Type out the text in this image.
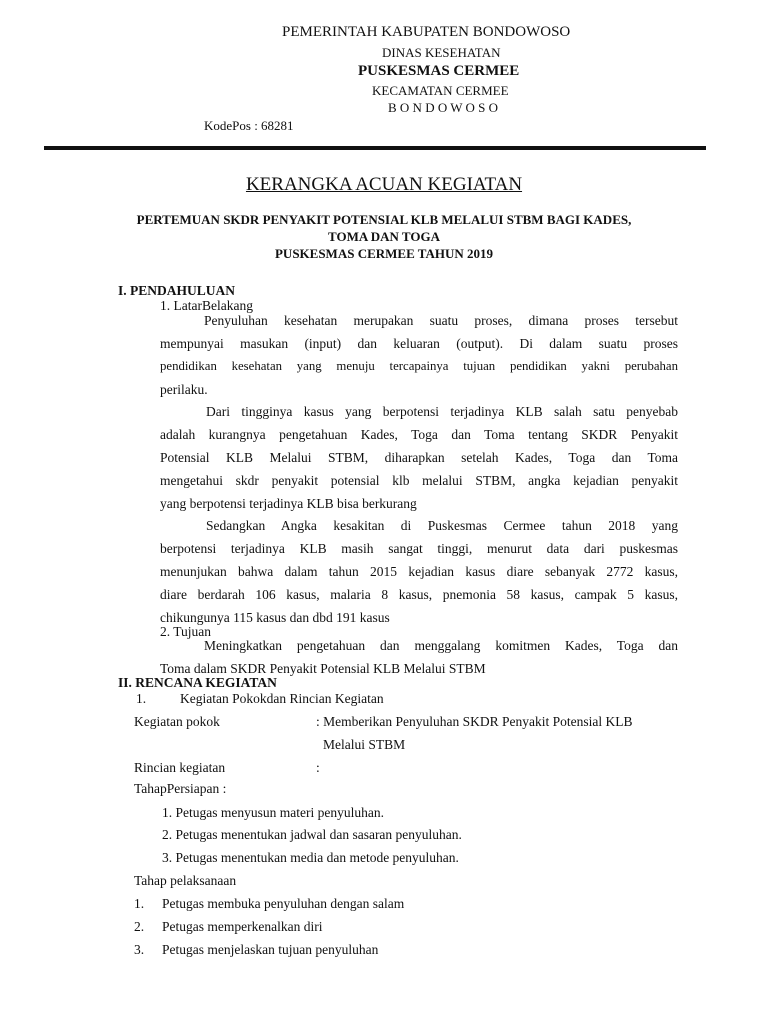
PEMERINTAH KABUPATEN BONDOWOSO
DINAS KESEHATAN
PUSKESMAS CERMEE
KECAMATAN CERMEE
B O N D O W O S O
KodePos : 68281
KERANGKA ACUAN KEGIATAN
PERTEMUAN SKDR PENYAKIT POTENSIAL KLB MELALUI STBM BAGI KADES,
TOMA DAN TOGA
PUSKESMAS CERMEE TAHUN 2019
I. PENDAHULUAN
1. LatarBelakang
Penyuluhan kesehatan merupakan suatu proses, dimana proses tersebut
mempunyai masukan (input) dan keluaran (output). Di dalam suatu proses
pendidikan kesehatan yang menuju tercapainya tujuan pendidikan yakni perubahan
perilaku.
Dari tingginya kasus yang berpotensi terjadinya KLB salah satu penyebab
adalah kurangnya pengetahuan Kades, Toga dan Toma tentang SKDR Penyakit
Potensial KLB Melalui STBM, diharapkan setelah Kades, Toga dan Toma
mengetahui skdr penyakit potensial klb melalui STBM, angka kejadian penyakit
yang berpotensi terjadinya KLB bisa berkurang
Sedangkan Angka kesakitan di Puskesmas Cermee tahun 2018 yang
berpotensi terjadinya KLB masih sangat tinggi, menurut data dari puskesmas
menunjukan bahwa dalam tahun 2015 kejadian kasus diare sebanyak 2772 kasus,
diare berdarah 106 kasus, malaria 8 kasus, pnemonia 58 kasus, campak 5 kasus,
chikungunya 115 kasus dan dbd 191 kasus
2. Tujuan
Meningkatkan pengetahuan dan menggalang komitmen Kades, Toga dan
Toma dalam SKDR Penyakit Potensial KLB Melalui STBM
II. RENCANA KEGIATAN
1.	Kegiatan Pokokdan Rincian Kegiatan
Kegiatan pokok	: Memberikan Penyuluhan SKDR Penyakit Potensial KLB
Melalui STBM
Rincian kegiatan	:
TahapPersiapan :
1. Petugas menyusun materi penyuluhan.
2. Petugas menentukan jadwal dan sasaran penyuluhan.
3. Petugas menentukan media dan metode penyuluhan.
Tahap pelaksanaan
1. Petugas membuka penyuluhan dengan salam
2. Petugas memperkenalkan diri
3. Petugas menjelaskan tujuan penyuluhan
